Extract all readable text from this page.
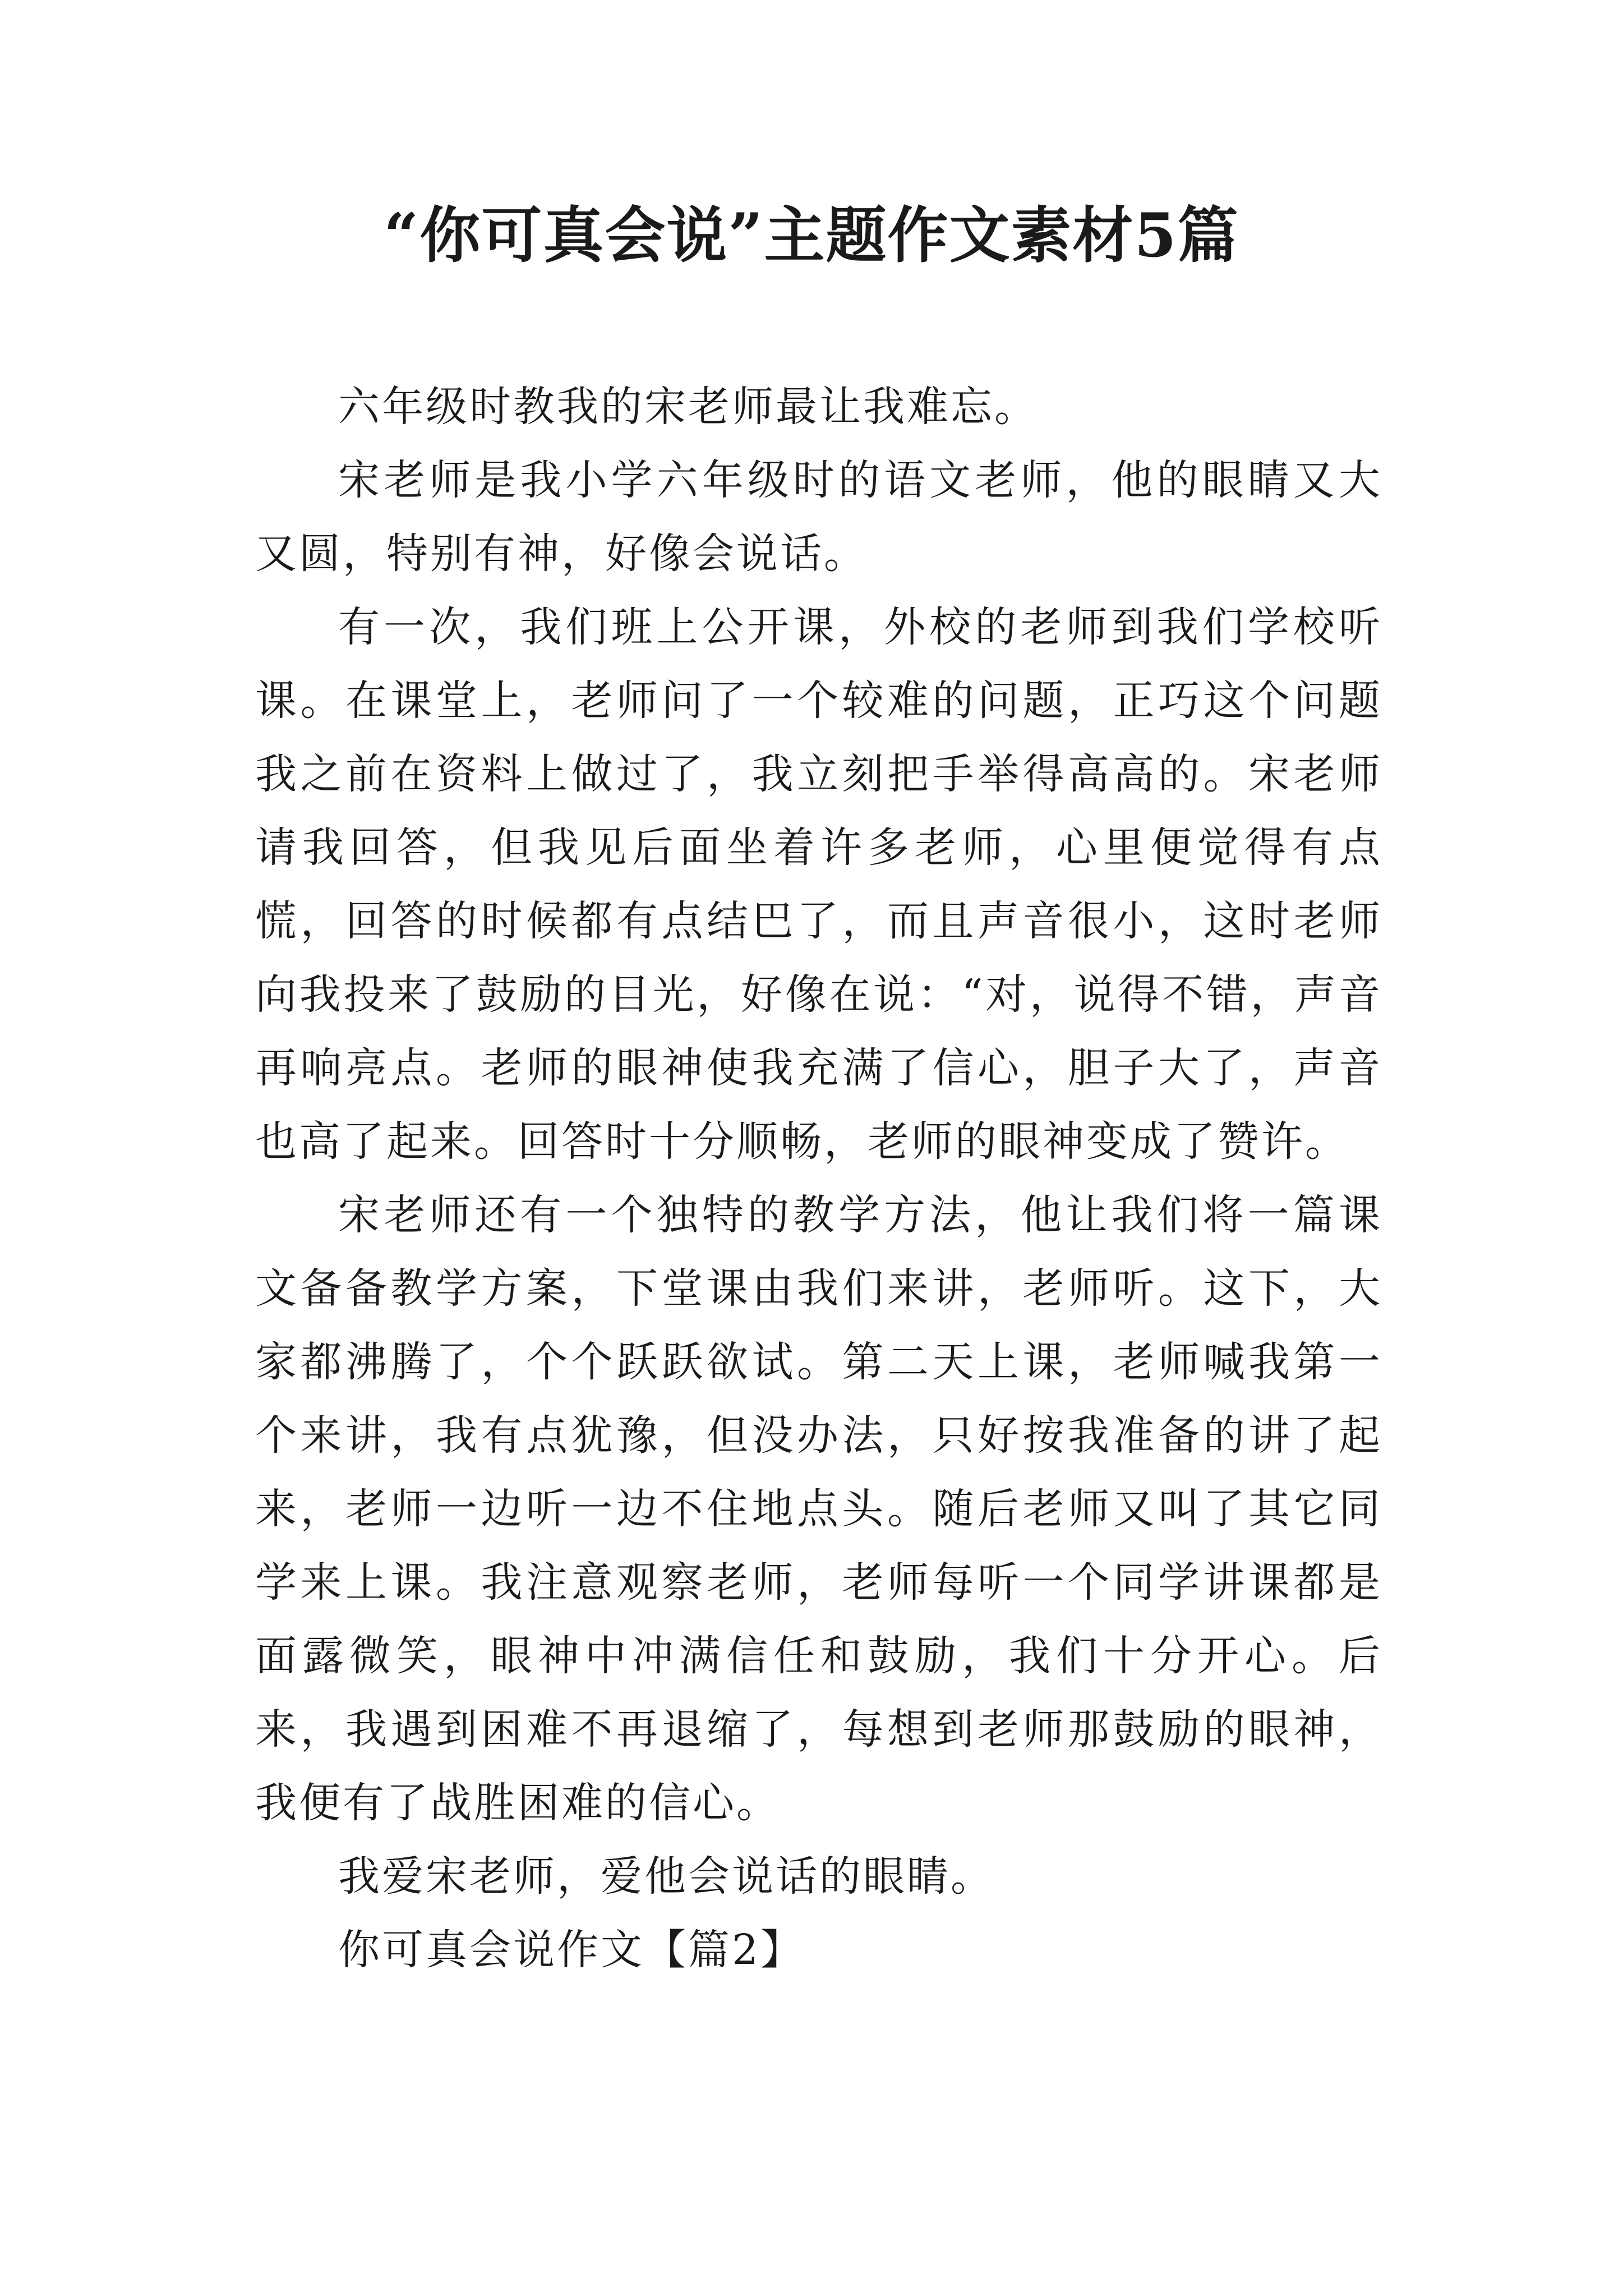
“你可真会说”主题作文素材5篇

六年级时教我的宋老师最让我难忘。

宋老师是我小学六年级时的语文老师，他的眼睛又大又圆，特别有神，好像会说话。

有一次，我们班上公开课，外校的老师到我们学校听课。在课堂上，老师问了一个较难的问题，正巧这个问题我之前在资料上做过了，我立刻把手举得高高的。宋老师请我回答，但我见后面坐着许多老师，心里便觉得有点慌，回答的时候都有点结巴了，而且声音很小，这时老师向我投来了鼓励的目光，好像在说：“对，说得不错，声音再响亮点。老师的眼神使我充满了信心，胆子大了，声音也高了起来。回答时十分顺畅，老师的眼神变成了赞许。

宋老师还有一个独特的教学方法，他让我们将一篇课文备备教学方案，下堂课由我们来讲，老师听。这下，大家都沸腾了，个个跃跃欲试。第二天上课，老师喊我第一个来讲，我有点犹豫，但没办法，只好按我准备的讲了起来，老师一边听一边不住地点头。随后老师又叫了其它同学来上课。我注意观察老师，老师每听一个同学讲课都是面露微笑，眼神中冲满信任和鼓励，我们十分开心。后来，我遇到困难不再退缩了，每想到老师那鼓励的眼神，我便有了战胜困难的信心。

我爱宋老师，爱他会说话的眼睛。

你可真会说作文【篇2】
